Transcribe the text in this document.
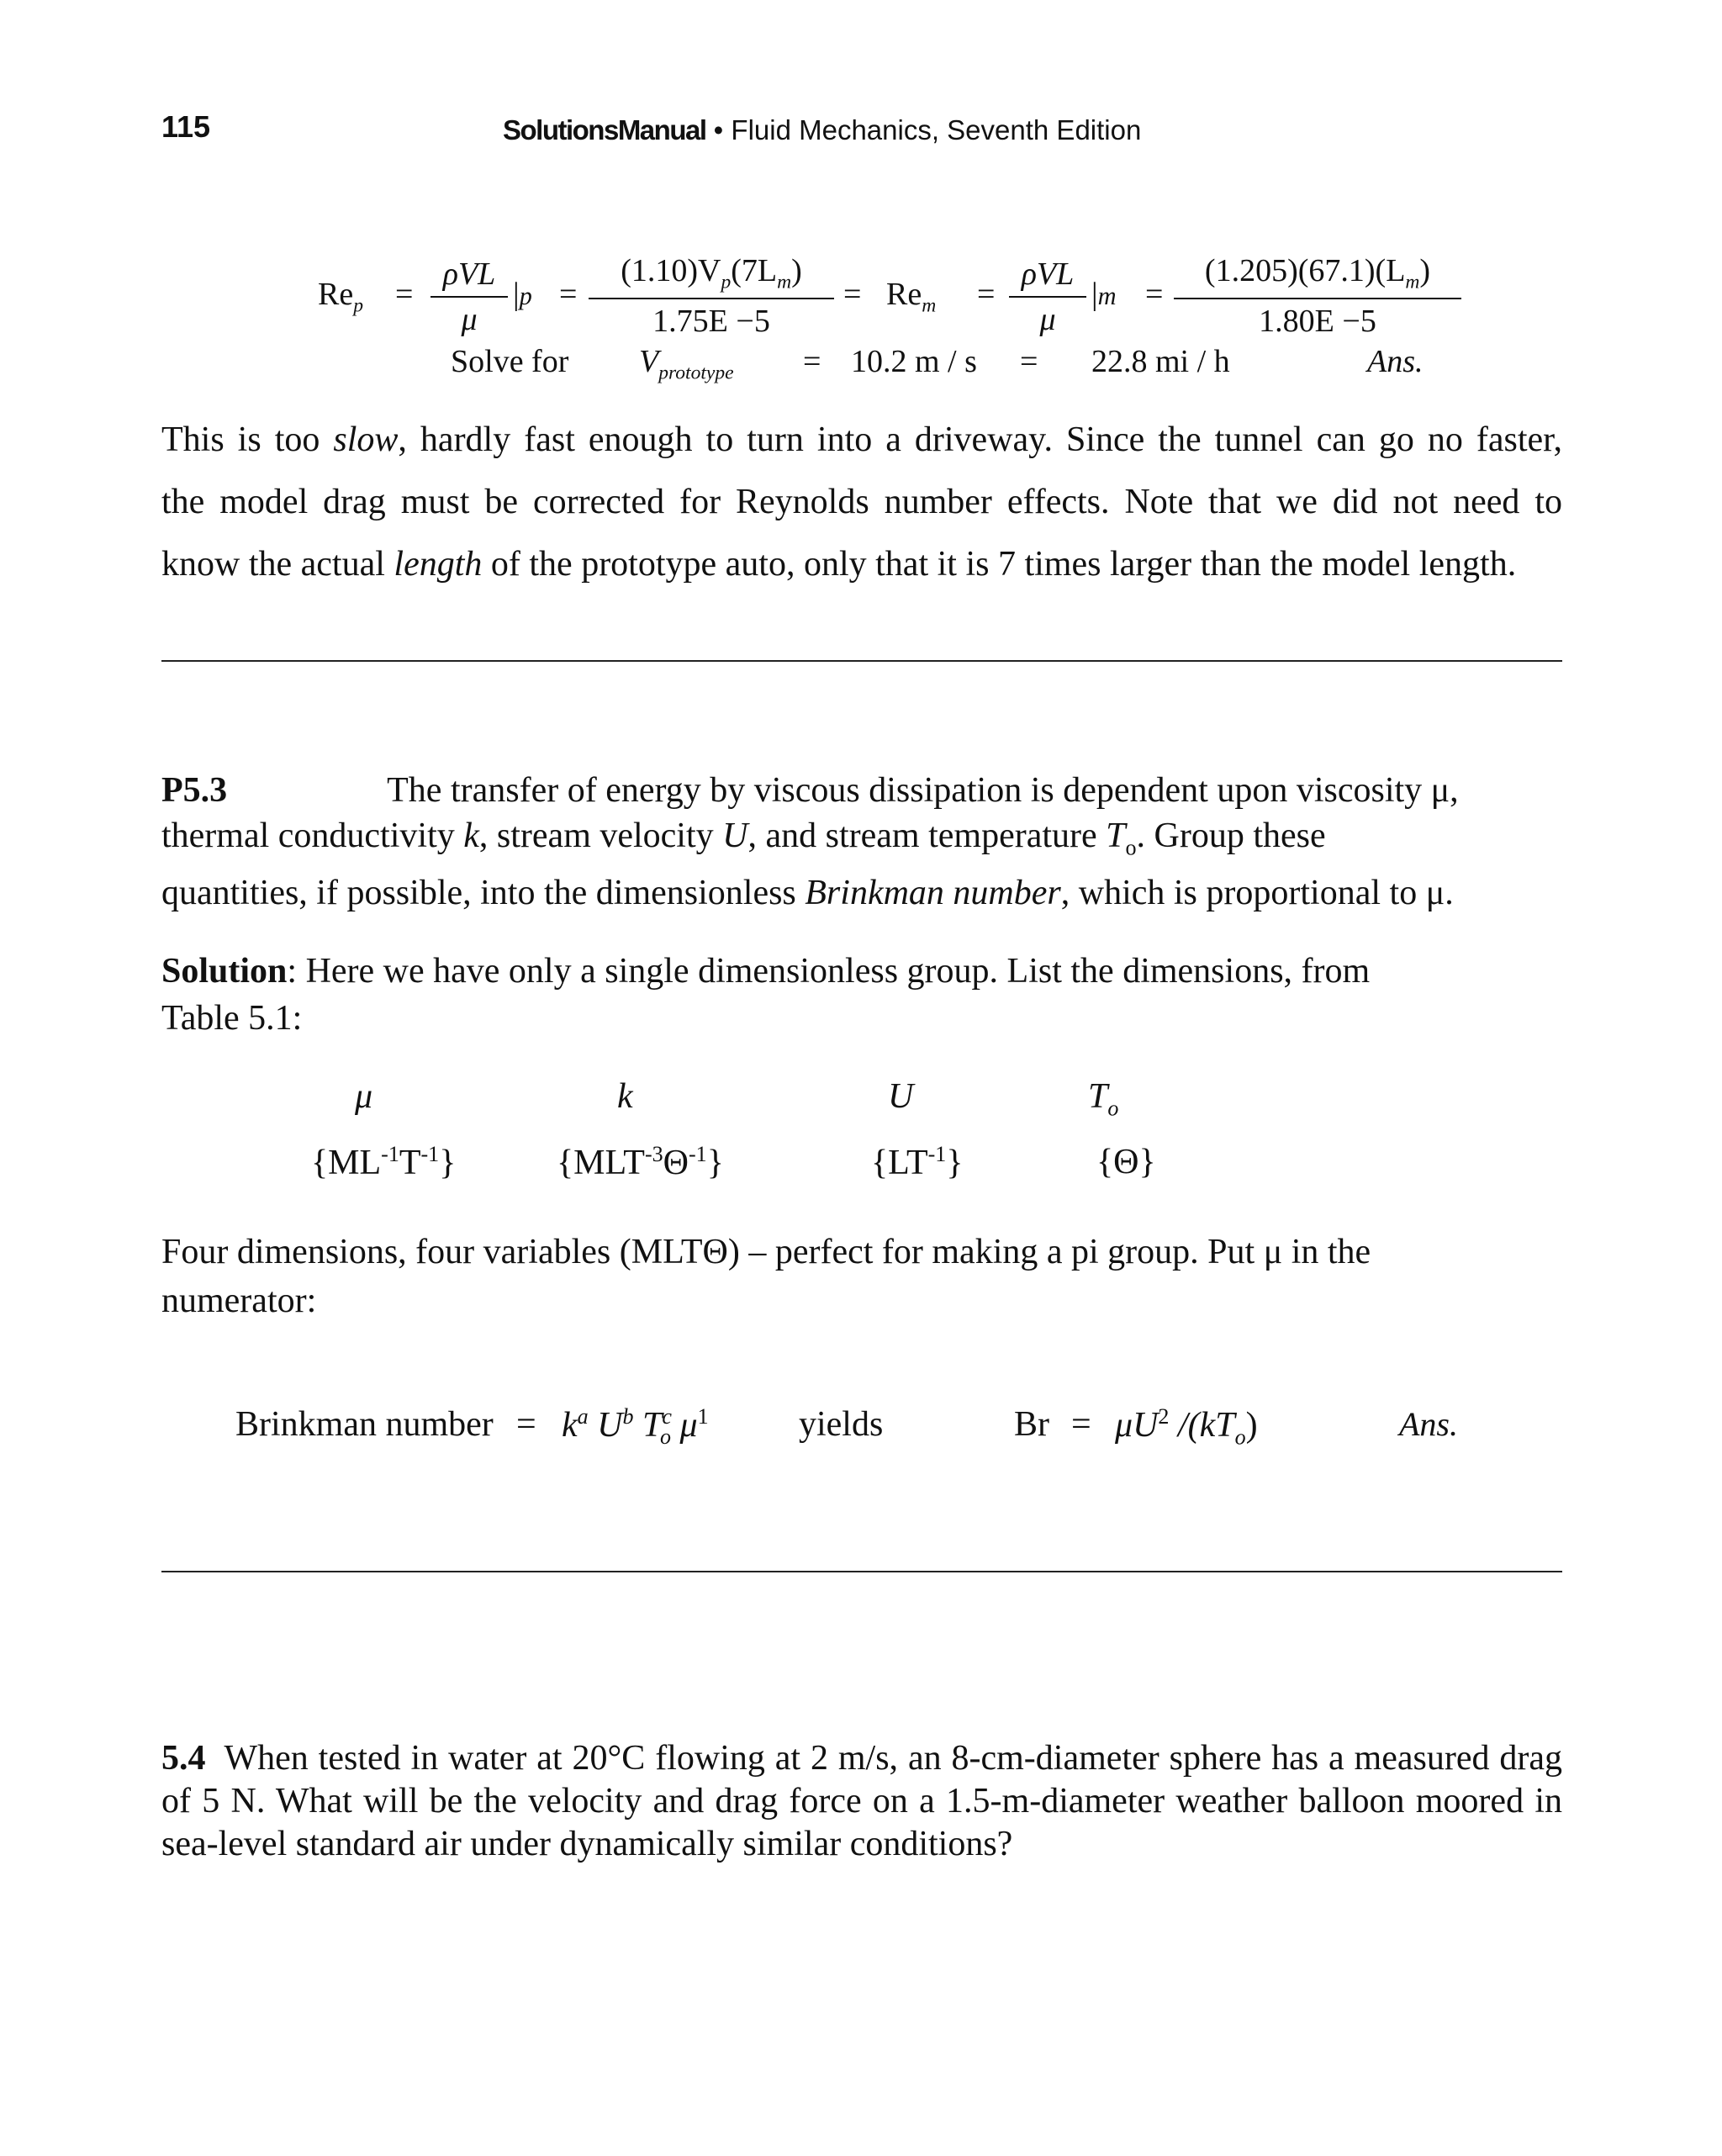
115	SolutionsManual • Fluid Mechanics, Seventh Edition
$Re_p$ =
ρVL
μ
|p =
$(1.10)V_p(7L_m)$
1.75E −5
= $Re_m$ =
ρVL
μ
|m =
$(1.205)(67.1)(L_m)$
1.80E −5
Solve for $V_{prototype} = 10.2$ m / s = 22.8 mi / h	Ans.
This is too slow, hardly fast enough to turn into a driveway. Since the tunnel can go no faster,
the model drag must be corrected for Reynolds number effects. Note that we did not need to
know the actual length of the prototype auto, only that it is 7 times larger than the model length.
P5.3	The transfer of energy by viscous dissipation is dependent upon viscosity μ,
thermal conductivity k, stream velocity U, and stream temperature $T_o$. Group these
quantities, if possible, into the dimensionless Brinkman number, which is proportional to μ.
Solution: Here we have only a single dimensionless group. List the dimensions, from
Table 5.1:
μ	k	U	$T_o$
$\{ML^{-1}T^{-1}\}$	$\{MLT^{-3}\Theta^{-1}\}$	$\{LT^{-1}\}$	{Θ}
Four dimensions, four variables (MLTΘ) – perfect for making a pi group. Put μ in the
numerator:
Brinkman number = $k^a$ $U^b$ $T^c_o$ $\mu^1$	yields	$Br = \mu U^2$ $/(kT_o)$	Ans.
5.4 When tested in water at 20°C flowing at 2 m/s, an 8-cm-diameter sphere has a measured drag
of 5 N. What will be the velocity and drag force on a 1.5-m-diameter weather balloon moored in
sea-level standard air under dynamically similar conditions?
